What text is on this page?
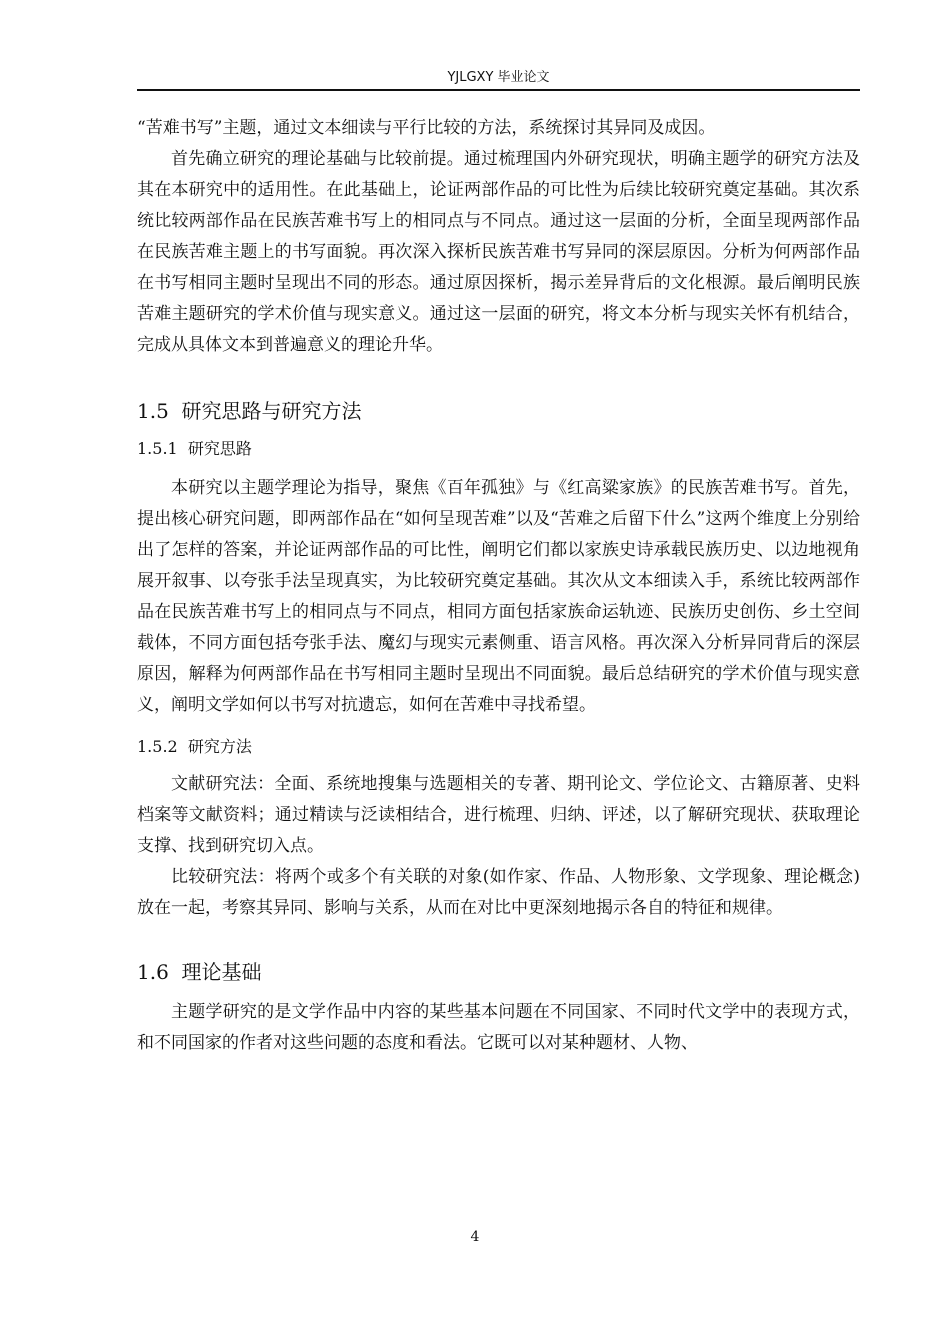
YJLGXY 毕业论文

“苦难书写”主题，通过文本细读与平行比较的方法，系统探讨其异同及成因。

首先确立研究的理论基础与比较前提。通过梳理国内外研究现状，明确主题学的研究方法及其在本研究中的适用性。在此基础上，论证两部作品的可比性为后续比较研究奠定基础。其次系统比较两部作品在民族苦难书写上的相同点与不同点。通过这一层面的分析，全面呈现两部作品在民族苦难主题上的书写面貌。再次深入探析民族苦难书写异同的深层原因。分析为何两部作品在书写相同主题时呈现出不同的形态。通过原因探析，揭示差异背后的文化根源。最后阐明民族苦难主题研究的学术价值与现实意义。通过这一层面的研究，将文本分析与现实关怀有机结合，完成从具体文本到普遍意义的理论升华。

1.5 研究思路与研究方法
1.5.1 研究思路

本研究以主题学理论为指导，聚焦《百年孤独》与《红高粱家族》的民族苦难书写。首先，提出核心研究问题，即两部作品在“如何呈现苦难”以及“苦难之后留下什么”这两个维度上分别给出了怎样的答案，并论证两部作品的可比性，阐明它们都以家族史诗承载民族历史、以边地视角展开叙事、以夸张手法呈现真实，为比较研究奠定基础。其次从文本细读入手，系统比较两部作品在民族苦难书写上的相同点与不同点，相同方面包括家族命运轨迹、民族历史创伤、乡土空间载体，不同方面包括夸张手法、魔幻与现实元素侧重、语言风格。再次深入分析异同背后的深层原因，解释为何两部作品在书写相同主题时呈现出不同面貌。最后总结研究的学术价值与现实意义，阐明文学如何以书写对抗遗忘，如何在苦难中寻找希望。

1.5.2 研究方法

文献研究法：全面、系统地搜集与选题相关的专著、期刊论文、学位论文、古籍原著、史料档案等文献资料；通过精读与泛读相结合，进行梳理、归纳、评述，以了解研究现状、获取理论支撑、找到研究切入点。

比较研究法：将两个或多个有关联的对象(如作家、作品、人物形象、文学现象、理论概念)放在一起，考察其异同、影响与关系，从而在对比中更深刻地揭示各自的特征和规律。

1.6 理论基础

主题学研究的是文学作品中内容的某些基本问题在不同国家、不同时代文学中的表现方式，和不同国家的作者对这些问题的态度和看法。它既可以对某种题材、人物、

4
